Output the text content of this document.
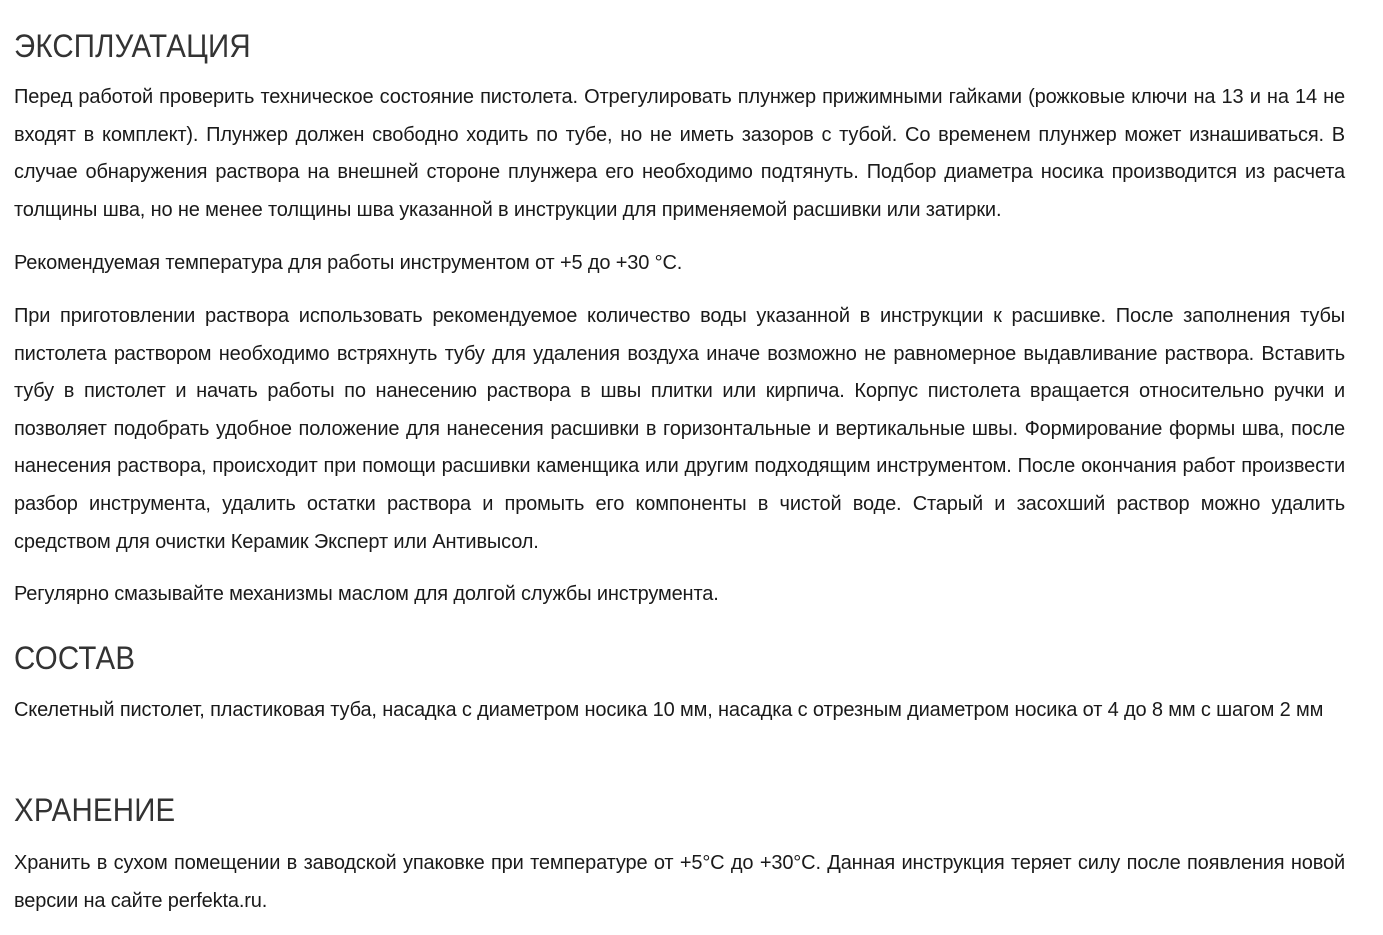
ЭКСПЛУАТАЦИЯ

Перед работой проверить техническое состояние пистолета. Отрегулировать плунжер прижимными гайками (рожковые ключи на 13 и на 14 не входят в комплект). Плунжер должен свободно ходить по тубе, но не иметь зазоров с тубой. Со временем плунжер может изнашиваться. В случае обнаружения раствора на внешней стороне плунжера его необходимо подтянуть. Подбор диаметра носика производится из расчета толщины шва, но не менее толщины шва указанной в инструкции для применяемой расшивки или затирки.

Рекомендуемая температура для работы инструментом от +5 до +30 °С.

При приготовлении раствора использовать рекомендуемое количество воды указанной в инструкции к расшивке. После заполнения тубы пистолета раствором необходимо встряхнуть тубу для удаления воздуха иначе возможно не равномерное выдавливание раствора. Вставить тубу в пистолет и начать работы по нанесению раствора в швы плитки или кирпича. Корпус пистолета вращается относительно ручки и позволяет подобрать удобное положение для нанесения расшивки в горизонтальные и вертикальные швы. Формирование формы шва, после нанесения раствора, происходит при помощи расшивки каменщика или другим подходящим инструментом. После окончания работ произвести разбор инструмента, удалить остатки раствора и промыть его компоненты в чистой воде. Старый и засохший раствор можно удалить средством для очистки Керамик Эксперт или Антивысол.

Регулярно смазывайте механизмы маслом для долгой службы инструмента.

СОСТАВ

Скелетный пистолет, пластиковая туба, насадка с диаметром носика 10 мм, насадка с отрезным диаметром носика от 4 до 8 мм с шагом 2 мм

ХРАНЕНИЕ

Хранить в сухом помещении в заводской упаковке при температуре от +5°С до +30°С. Данная инструкция теряет силу после появления новой версии на сайте perfekta.ru.
